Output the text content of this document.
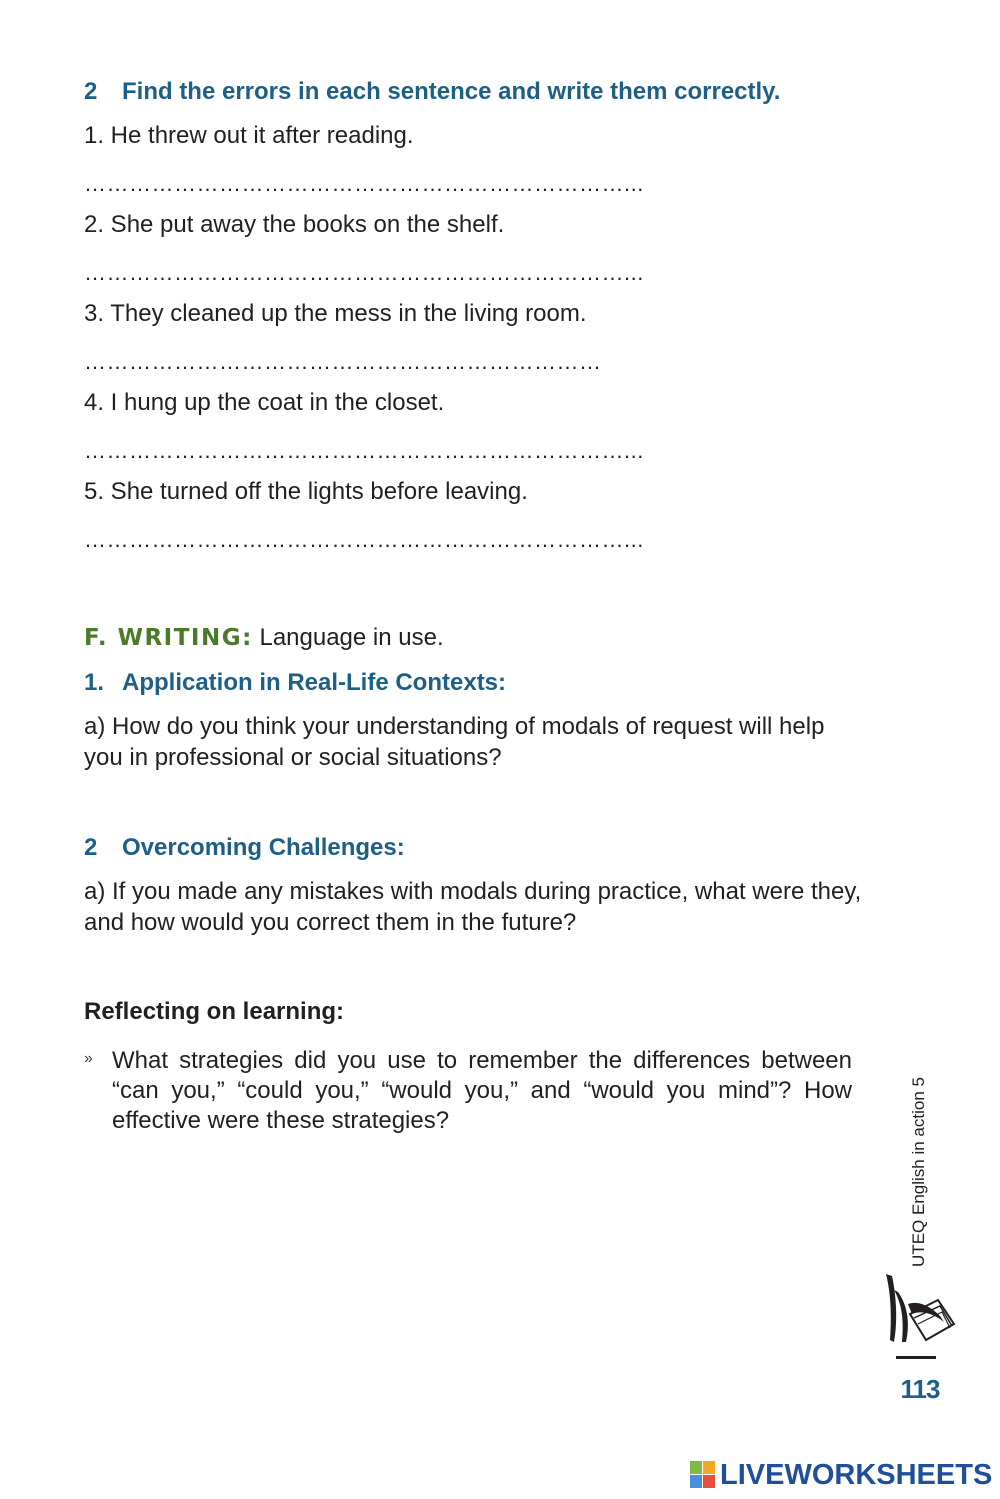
2 Find the errors in each sentence and write them correctly.
1. He threw out it after reading.
………………………………………………………………...
2. She put away the books on the shelf.
………………………………………………………………...
3. They cleaned up the mess in the living room.
……………………………………………………………
4. I hung up the coat in the closet.
………………………………………………………………...
5. She turned off the lights before leaving.
………………………………………………………………...
F. WRITING: Language in use.
1. Application in Real-Life Contexts:
a) How do you think your understanding of modals of request will help you in professional or social situations?
2 Overcoming Challenges:
a) If you made any mistakes with modals during practice, what were they, and how would you correct them in the future?
Reflecting on learning:
» What strategies did you use to remember the differences between “can you,” “could you,” “would you,” and “would you mind”? How effective were these strategies?	UTEQ English in action 5
113
LIVEWORKSHEETS
